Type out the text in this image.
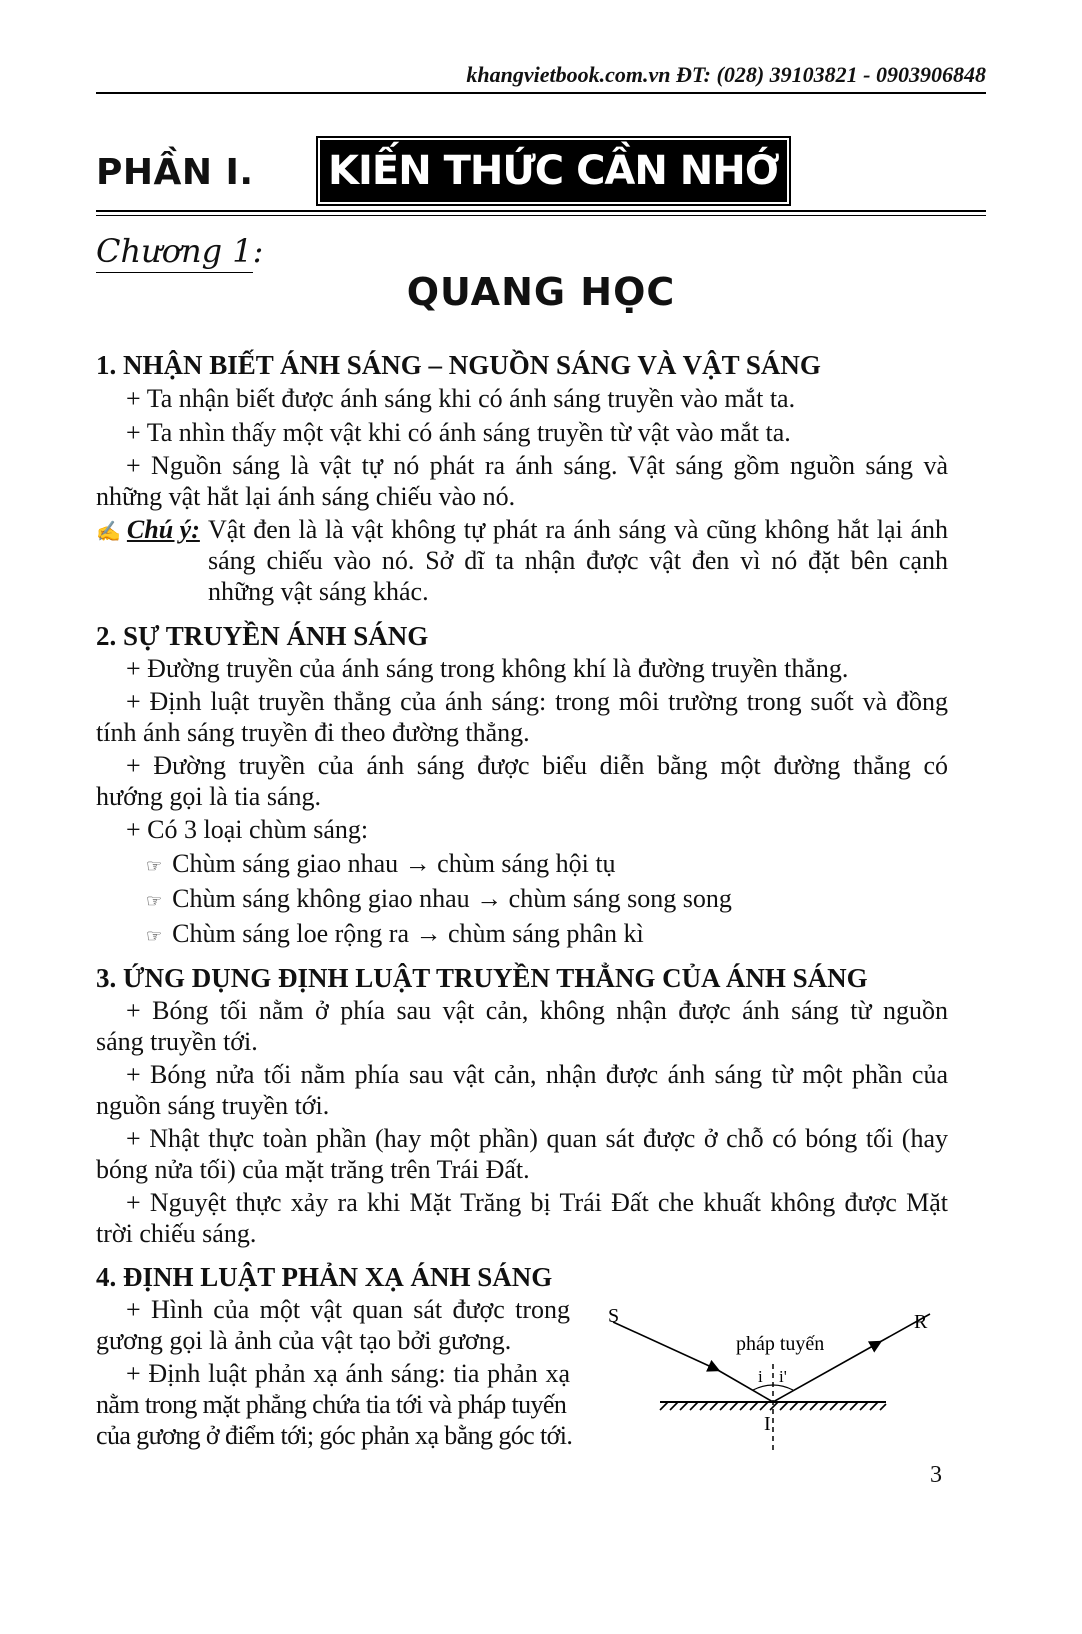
khangvietbook.com.vn ĐT: (028) 39103821 - 0903906848
PHẦN I. KIẾN THỨC CẦN NHỚ
Chương 1:
QUANG HỌC
1. NHẬN BIẾT ÁNH SÁNG – NGUỒN SÁNG VÀ VẬT SÁNG
+ Ta nhận biết được ánh sáng khi có ánh sáng truyền vào mắt ta.
+ Ta nhìn thấy một vật khi có ánh sáng truyền từ vật vào mắt ta.
+ Nguồn sáng là vật tự nó phát ra ánh sáng. Vật sáng gồm nguồn sáng và
những vật hắt lại ánh sáng chiếu vào nó.
✍ Chú ý: Vật đen là là vật không tự phát ra ánh sáng và cũng không hắt lại ánh
sáng chiếu vào nó. Sở dĩ ta nhận được vật đen vì nó đặt bên cạnh
những vật sáng khác.
2. SỰ TRUYỀN ÁNH SÁNG
+ Đường truyền của ánh sáng trong không khí là đường truyền thẳng.
+ Định luật truyền thẳng của ánh sáng: trong môi trường trong suốt và đồng
tính ánh sáng truyền đi theo đường thẳng.
+ Đường truyền của ánh sáng được biểu diễn bằng một đường thẳng có
hướng gọi là tia sáng.
+ Có 3 loại chùm sáng:
☞ Chùm sáng giao nhau → chùm sáng hội tụ
☞ Chùm sáng không giao nhau → chùm sáng song song
☞ Chùm sáng loe rộng ra → chùm sáng phân kì
3. ỨNG DỤNG ĐỊNH LUẬT TRUYỀN THẲNG CỦA ÁNH SÁNG
+ Bóng tối nằm ở phía sau vật cản, không nhận được ánh sáng từ nguồn
sáng truyền tới.
+ Bóng nửa tối nằm phía sau vật cản, nhận được ánh sáng từ một phần của
nguồn sáng truyền tới.
+ Nhật thực toàn phần (hay một phần) quan sát được ở chỗ có bóng tối (hay
bóng nửa tối) của mặt trăng trên Trái Đất.
+ Nguyệt thực xảy ra khi Mặt Trăng bị Trái Đất che khuất không được Mặt
trời chiếu sáng.
4. ĐỊNH LUẬT PHẢN XẠ ÁNH SÁNG
+ Hình của một vật quan sát được trong
gương gọi là ảnh của vật tạo bởi gương.
+ Định luật phản xạ ánh sáng: tia phản xạ
nằm trong mặt phẳng chứa tia tới và pháp tuyến
của gương ở điểm tới; góc phản xạ bằng góc tới.
S	R
pháp tuyến
i i'
I
3
